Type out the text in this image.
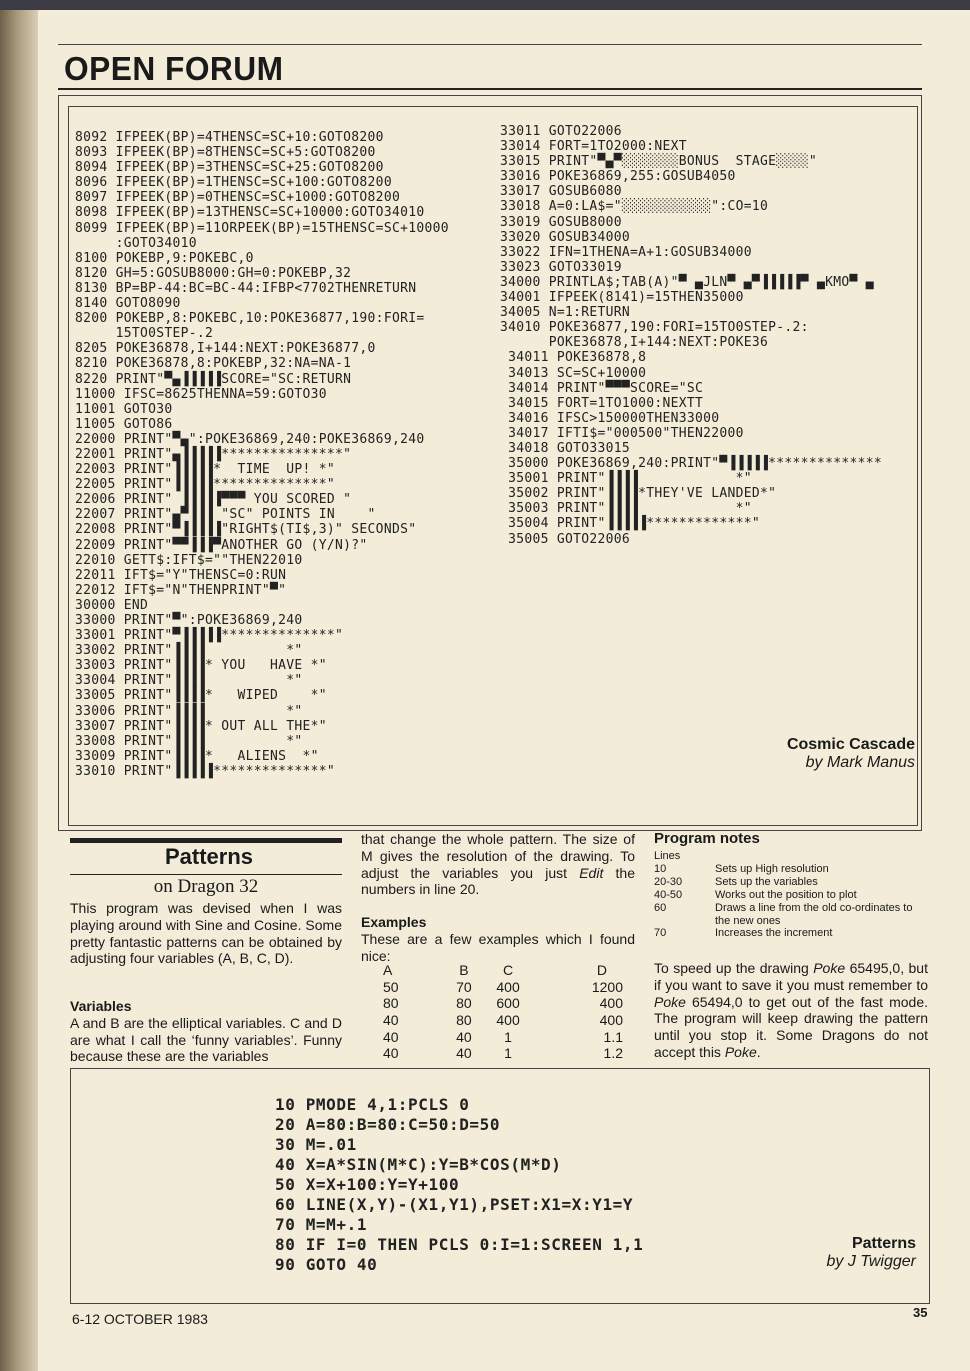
OPEN FORUM
8092 IFPEEK(BP)=4THENSC=SC+10:GOTO8200
8093 IFPEEK(BP)=8THENSC=SC+5:GOTO8200
8094 IFPEEK(BP)=3THENSC=SC+25:GOTO8200
8096 IFPEEK(BP)=1THENSC=SC+100:GOTO8200
8097 IFPEEK(BP)=0THENSC=SC+1000:GOTO8200
8098 IFPEEK(BP)=13THENSC=SC+10000:GOTO34010
8099 IFPEEK(BP)=11ORPEEK(BP)=15THENSC=SC+10000
:GOTO34010
8100 POKEBP,9:POKEBC,0
8120 GH=5:GOSUB8000:GH=0:POKEBP,32
8130 BP=BP-44:BC=BC-44:IFBP<7702THENRETURN
8140 GOTO8090
8200 POKEBP,8:POKEBC,10:POKE36877,190:FORI=
15TO0STEP-.2
8205 POKE36878,I+144:NEXT:POKE36877,0
8210 POKE36878,8:POKEBP,32:NA=NA-1
8220 PRINT"▀▄▐▐▐▐▐SCORE="SC:RETURN
11000 IFSC=8625THENNA=59:GOTO30
11001 GOTO30
11005 GOTO86
22000 PRINT"▀▄":POKE36869,240:POKE36869,240
22001 PRINT"▄▐▐▐▐▐***************"
22003 PRINT"▐▐▐▐▐*  TIME  UP! *"
22005 PRINT"▐▐▐▐▐**************"
22006 PRINT" ▐▐▐▐▐▀▀▀ YOU SCORED "
22007 PRINT"▄▀▐▐▐ "SC" POINTS IN    "
22008 PRINT"▀▐▐▐▐▐"RIGHT$(TI$,3)" SECONDS"
22009 PRINT"▀▀▐▐▐▀ANOTHER GO (Y/N)?"
22010 GETT$:IFT$=""THEN22010
22011 IFT$="Y"THENSC=0:RUN
22012 IFT$="N"THENPRINT"▀"
30000 END
33000 PRINT"▀":POKE36869,240
33001 PRINT"▀▐▐▐▐▐**************"
33002 PRINT"▐▐▐▐          *"
33003 PRINT"▐▐▐▐* YOU   HAVE *"
33004 PRINT"▐▐▐▐          *"
33005 PRINT"▐▐▐▐*   WIPED    *"
33006 PRINT"▐▐▐▐          *"
33007 PRINT"▐▐▐▐* OUT ALL THE*"
33008 PRINT"▐▐▐▐          *"
33009 PRINT"▐▐▐▐*   ALIENS  *"
33010 PRINT"▐▐▐▐▐**************"
33011 GOTO22006
33014 FORT=1TO2000:NEXT
33015 PRINT"▀▄▀░░░░░░░BONUS  STAGE░░░░"
33016 POKE36869,255:GOSUB4050
33017 GOSUB6080
33018 A=0:LA$="░░░░░░░░░░░":CO=10
33019 GOSUB8000
33020 GOSUB34000
33022 IFN=1THENA=A+1:GOSUB34000
33023 GOTO33019
34000 PRINTLA$;TAB(A)"▀ ▄JLN▀ ▄▀▐▐▐▐▐▀ ▄KMO▀ ▄
34001 IFPEEK(8141)=15THEN35000
34005 N=1:RETURN
34010 POKE36877,190:FORI=15TO0STEP-.2:
POKE36878,I+144:NEXT:POKE36
34011 POKE36878,8
34013 SC=SC+10000
34014 PRINT"▀▀▀SCORE="SC
34015 FORT=1TO1000:NEXTT
34016 IFSC>150000THEN33000
34017 IFTI$="000500"THEN22000
34018 GOTO33015
35000 POKE36869,240:PRINT"▀▐▐▐▐▐**************
35001 PRINT"▐▐▐▐            *"
35002 PRINT"▐▐▐▐*THEY'VE LANDED*"
35003 PRINT"▐▐▐▐            *"
35004 PRINT"▐▐▐▐▐*************"
35005 GOTO22006
Cosmic Cascade
by Mark Manus
Patterns
on Dragon 32
This program was devised when I was playing around with Sine and Cosine. Some pretty fantastic patterns can be obtained by adjusting four variables (A, B, C, D).
Variables
A and B are the elliptical variables. C and D are what I call the ‘funny variables’. Funny because these are the variables
that change the whole pattern. The size of M gives the resolution of the drawing. To adjust the variables you just Edit the numbers in line 20.
Examples
These are a few examples which I found nice:
A	B	C	D
50	70	400	1200
80	80	600	400
40	80	400	400
40	40	1	1.1
40	40	1	1.2
Program notes
Lines
10	Sets up High resolution
20-30	Sets up the variables
40-50	Works out the position to plot
60	Draws a line from the old co-ordinates to the new ones
70	Increases the increment
To speed up the drawing Poke 65495,0, but if you want to save it you must remember to Poke 65494,0 to get out of the fast mode. The program will keep drawing the pattern until you stop it. Some Dragons do not accept this Poke.
10 PMODE 4,1:PCLS 0
20 A=80:B=80:C=50:D=50
30 M=.01
40 X=A*SIN(M*C):Y=B*COS(M*D)
50 X=X+100:Y=Y+100
60 LINE(X,Y)-(X1,Y1),PSET:X1=X:Y1=Y
70 M=M+.1
80 IF I=0 THEN PCLS 0:I=1:SCREEN 1,1
90 GOTO 40
Patterns
by J Twigger
6-12 OCTOBER 1983	35
